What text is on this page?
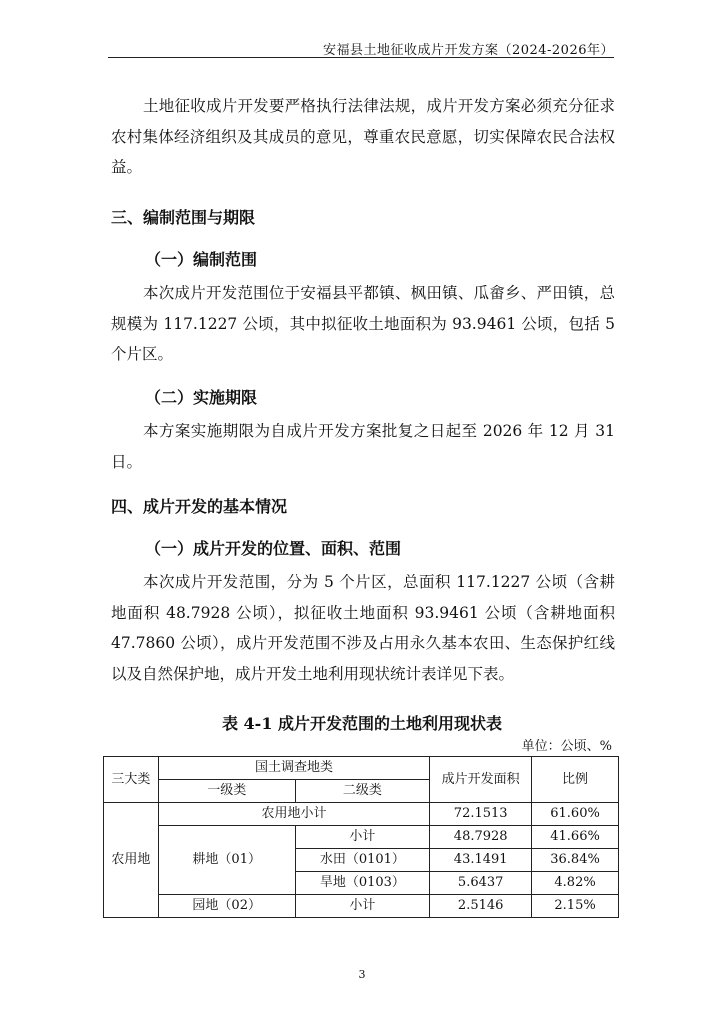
安福县土地征收成片开发方案（2024-2026年）

土地征收成片开发要严格执行法律法规，成片开发方案必须充分征求农村集体经济组织及其成员的意见，尊重农民意愿，切实保障农民合法权益。

三、编制范围与期限
（一）编制范围

本次成片开发范围位于安福县平都镇、枫田镇、瓜畲乡、严田镇，总规模为 117.1227 公顷，其中拟征收土地面积为 93.9461 公顷，包括 5 个片区。

（二）实施期限

本方案实施期限为自成片开发方案批复之日起至 2026 年 12 月 31 日。

四、成片开发的基本情况
（一）成片开发的位置、面积、范围

本次成片开发范围，分为 5 个片区，总面积 117.1227 公顷（含耕地面积 48.7928 公顷），拟征收土地面积 93.9461 公顷（含耕地面积 47.7860 公顷），成片开发范围不涉及占用永久基本农田、生态保护红线以及自然保护地，成片开发土地利用现状统计表详见下表。

表 4-1 成片开发范围的土地利用现状表
单位：公顷、%
三大类	国土调查地类		成片开发面积	比例
	一级类	二级类		
农用地	农用地小计		72.1513	61.60%
	耕地（01）	小计	48.7928	41.66%
		水田（0101）	43.1491	36.84%
		旱地（0103）	5.6437	4.82%
	园地（02）	小计	2.5146	2.15%
3
